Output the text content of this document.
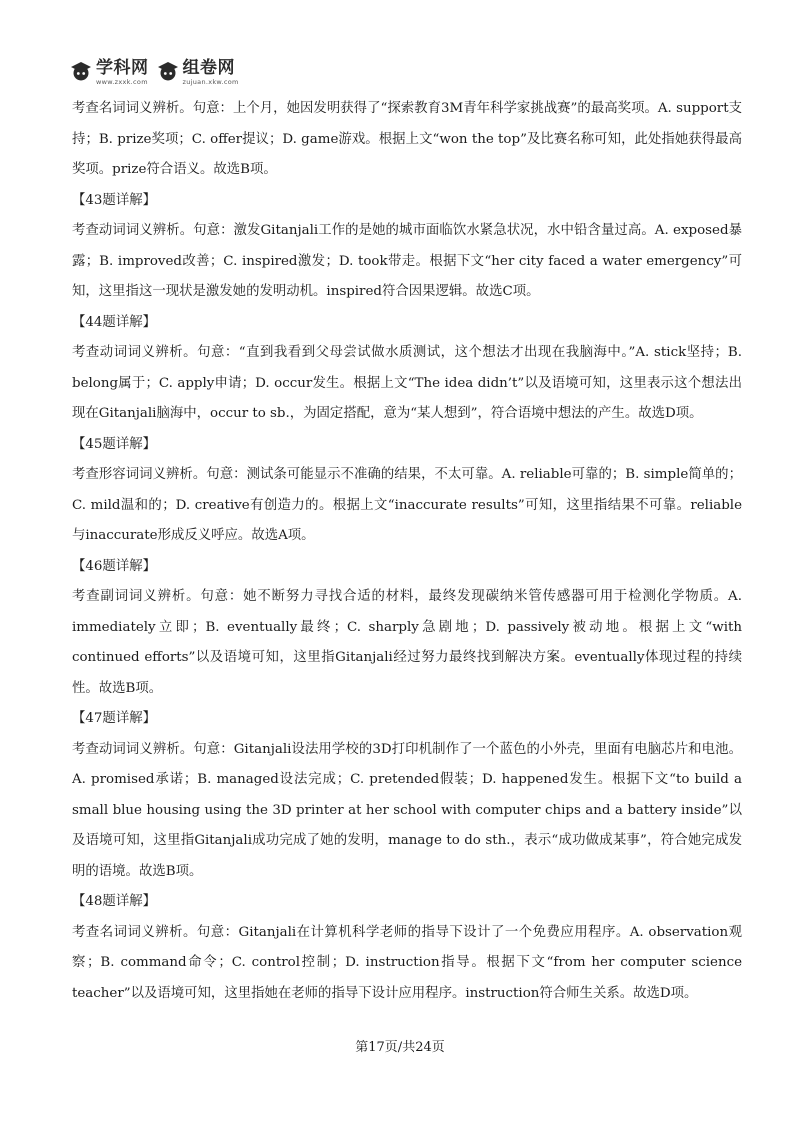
学科网
www.zxxk.com
组卷网
zujuan.xkw.com

考查名词词义辨析。句意：上个月，她因发明获得了“探索教育3M青年科学家挑战赛”的最高奖项。A. support支持；B. prize奖项；C. offer提议；D. game游戏。根据上文“won the top”及比赛名称可知，此处指她获得最高奖项。prize符合语义。故选B项。

【43题详解】

考查动词词义辨析。句意：激发Gitanjali工作的是她的城市面临饮水紧急状况，水中铅含量过高。A. exposed暴露；B. improved改善；C. inspired激发；D. took带走。根据下文“her city faced a water emergency”可知，这里指这一现状是激发她的发明动机。inspired符合因果逻辑。故选C项。

【44题详解】

考查动词词义辨析。句意：“直到我看到父母尝试做水质测试，这个想法才出现在我脑海中。”A. stick坚持；B. belong属于；C. apply申请；D. occur发生。根据上文“The idea didn’t”以及语境可知，这里表示这个想法出现在Gitanjali脑海中，occur to sb.，为固定搭配，意为“某人想到”，符合语境中想法的产生。故选D项。

【45题详解】

考查形容词词义辨析。句意：测试条可能显示不准确的结果，不太可靠。A. reliable可靠的；B. simple简单的；C. mild温和的；D. creative有创造力的。根据上文“inaccurate results”可知，这里指结果不可靠。reliable与inaccurate形成反义呼应。故选A项。

【46题详解】

考查副词词义辨析。句意：她不断努力寻找合适的材料，最终发现碳纳米管传感器可用于检测化学物质。A. immediately立即；B. eventually最终；C. sharply急剧地；D. passively被动地。根据上文“with continued efforts”以及语境可知，这里指Gitanjali经过努力最终找到解决方案。eventually体现过程的持续性。故选B项。

【47题详解】

考查动词词义辨析。句意：Gitanjali设法用学校的3D打印机制作了一个蓝色的小外壳，里面有电脑芯片和电池。A. promised承诺；B. managed设法完成；C. pretended假装；D. happened发生。根据下文“to build a small blue housing using the 3D printer at her school with computer chips and a battery inside”以及语境可知，这里指Gitanjali成功完成了她的发明，manage to do sth.，表示“成功做成某事”，符合她完成发明的语境。故选B项。

【48题详解】

考查名词词义辨析。句意：Gitanjali在计算机科学老师的指导下设计了一个免费应用程序。A. observation观察；B. command命令；C. control控制；D. instruction指导。根据下文“from her computer science teacher”以及语境可知，这里指她在老师的指导下设计应用程序。instruction符合师生关系。故选D项。

第17页/共24页
